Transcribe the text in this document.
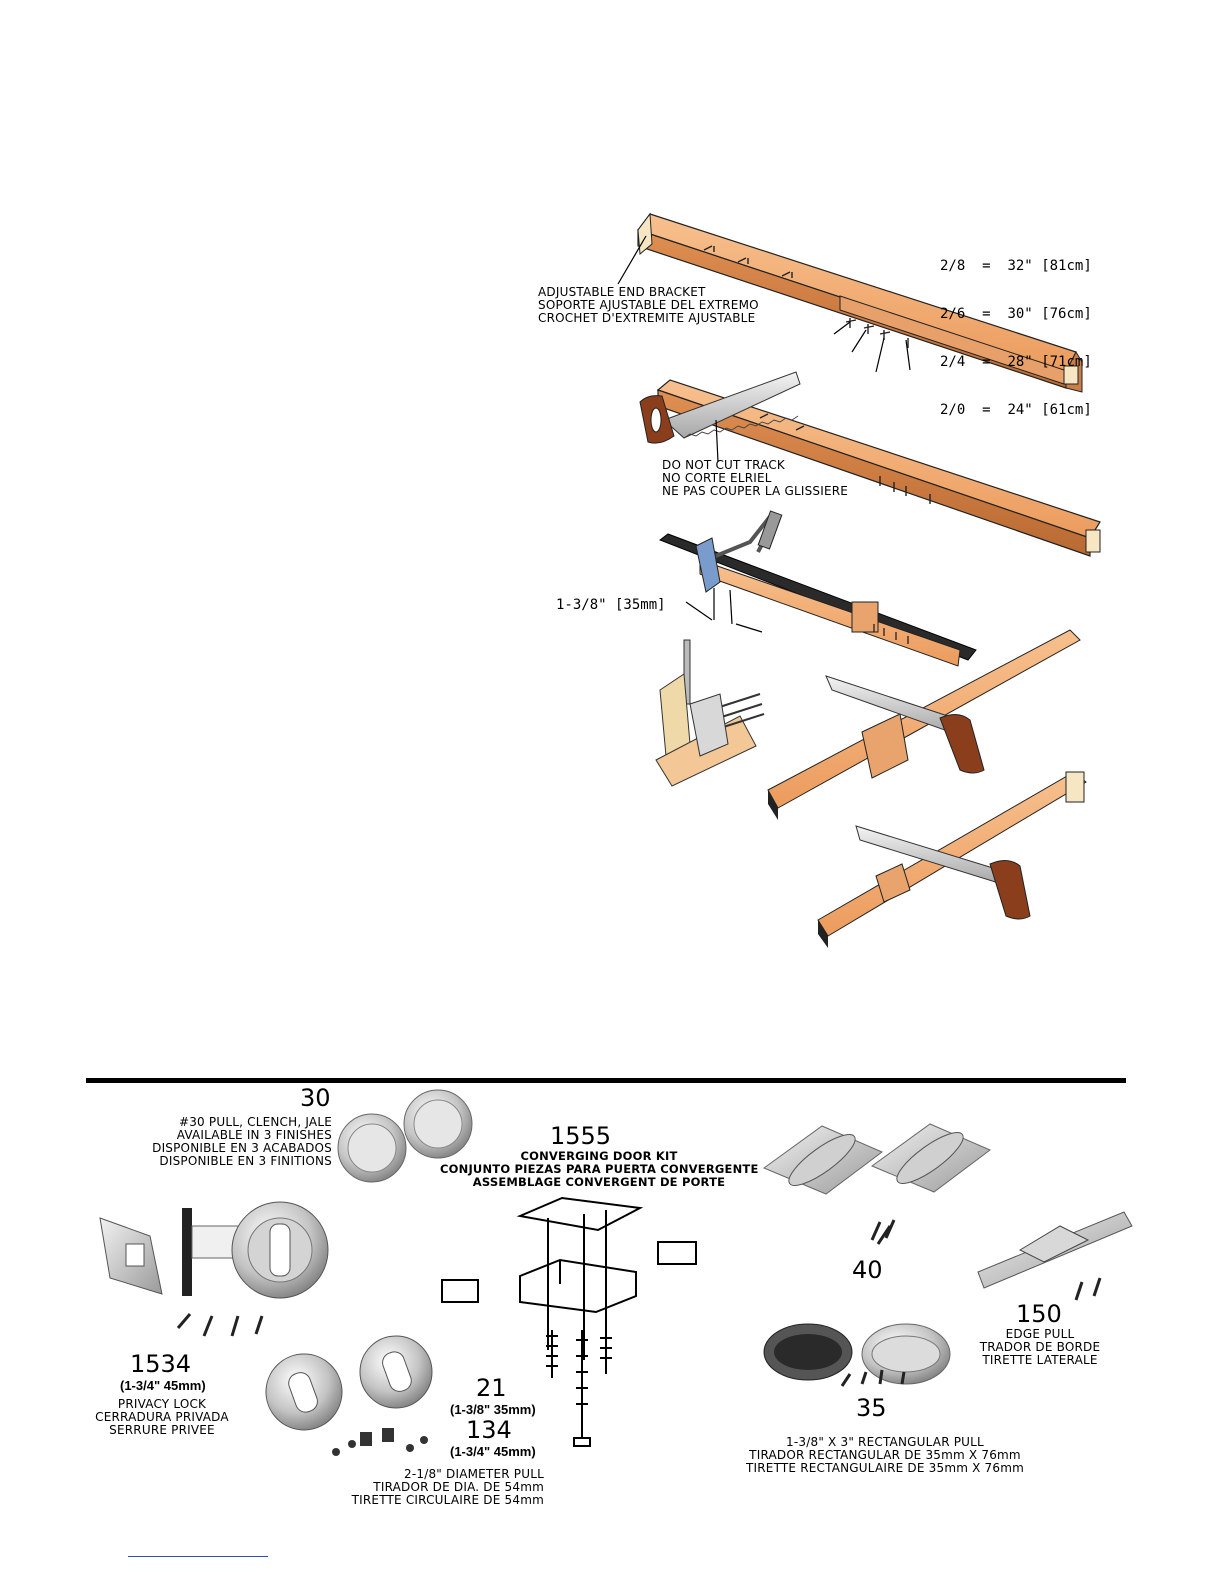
2/8  =  32" [81cm]

2/6  =  30" [76cm]

2/4  =  28" [71cm]

2/0  =  24" [61cm]

ADJUSTABLE END BRACKET
SOPORTE AJUSTABLE DEL EXTREMO
CROCHET D'EXTREMITE AJUSTABLE
DO NOT CUT TRACK
NO CORTE ELRIEL
NE PAS COUPER LA GLISSIERE
1-3/8" [35mm]
30
#30 PULL, CLENCH, JALE
AVAILABLE IN 3 FINISHES
DISPONIBLE EN 3 ACABADOS
DISPONIBLE EN 3 FINITIONS
1555
CONVERGING DOOR KIT
CONJUNTO PIEZAS PARA PUERTA CONVERGENTE
ASSEMBLAGE CONVERGENT DE PORTE
1534
(1-3/4" 45mm)
PRIVACY LOCK
CERRADURA PRIVADA
SERRURE PRIVEE
21
(1-3/8" 35mm)
134
(1-3/4" 45mm)
2-1/8" DIAMETER PULL
TIRADOR DE DIA. DE 54mm
TIRETTE CIRCULAIRE DE 54mm
40
150
EDGE PULL
TRADOR DE BORDE
TIRETTE LATERALE
35
1-3/8" X 3" RECTANGULAR PULL
TIRADOR RECTANGULAR DE 35mm X 76mm
TIRETTE RECTANGULAIRE DE 35mm X 76mm
